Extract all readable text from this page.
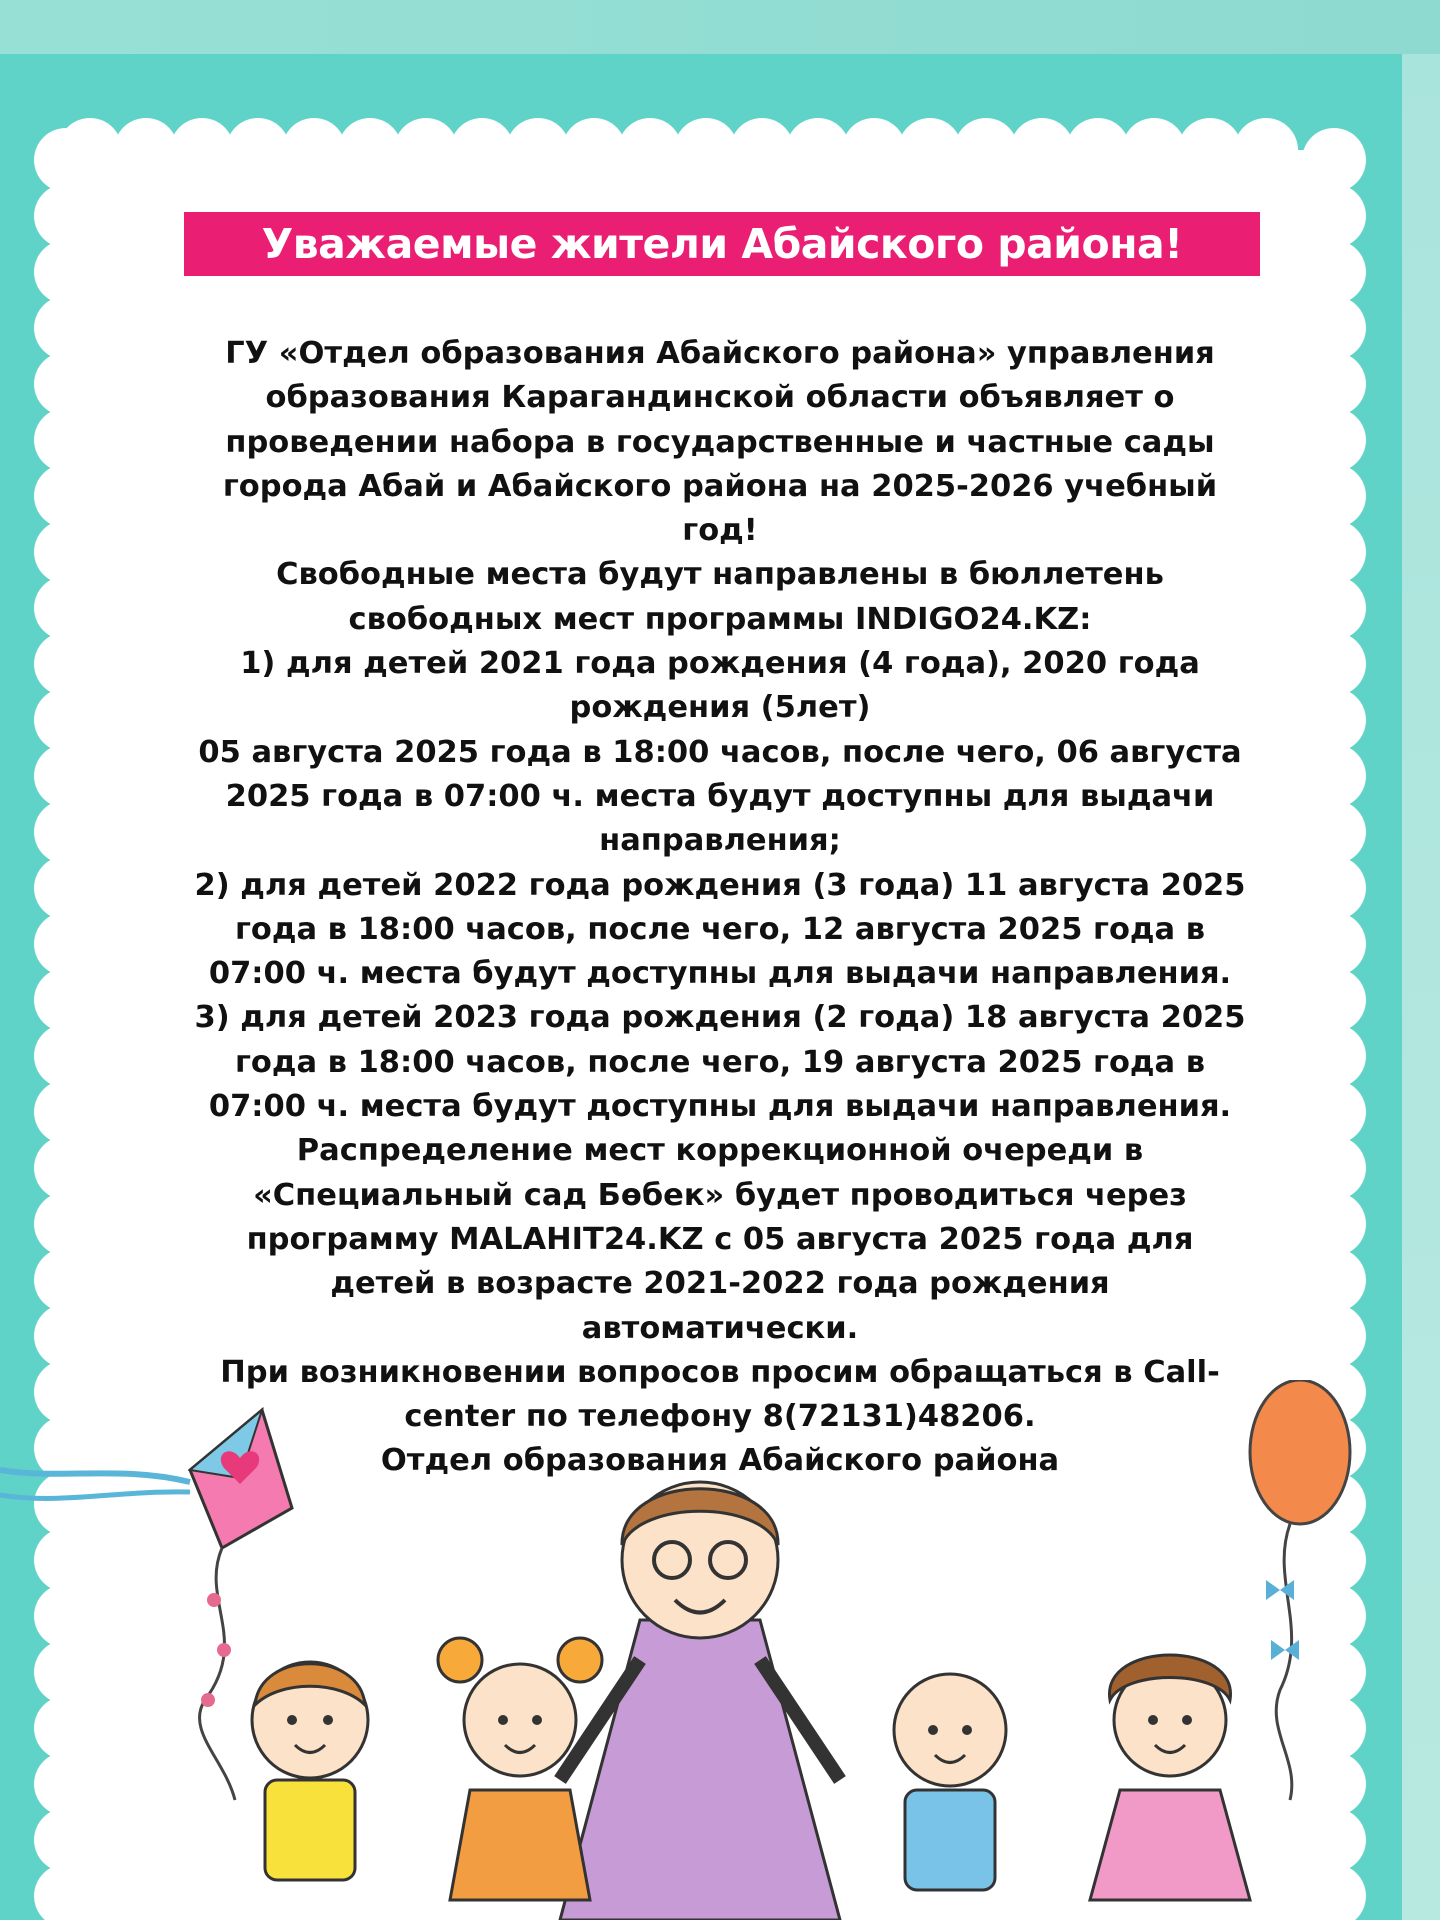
Уважаемые жители Абайского района!
ГУ «Отдел образования Абайского района» управления
образования Карагандинской области объявляет о
проведении набора в государственные и частные сады
города Абай и Абайского района на 2025-2026 учебный
год!
Свободные места будут направлены в бюллетень
свободных мест программы INDIGO24.KZ:
1) для детей 2021 года рождения (4 года), 2020 года
рождения (5лет)
05 августа 2025 года в 18:00 часов, после чего, 06 августа
2025 года в 07:00 ч. места будут доступны для выдачи
направления;
2) для детей 2022 года рождения (3 года) 11 августа 2025
года в 18:00 часов, после чего, 12 августа 2025 года в
07:00 ч. места будут доступны для выдачи направления.
3) для детей 2023 года рождения (2 года) 18 августа 2025
года в 18:00 часов, после чего, 19 августа 2025 года в
07:00 ч. места будут доступны для выдачи направления.
Распределение мест коррекционной очереди в
«Специальный сад Бөбек» будет проводиться через
программу MALAHIT24.KZ с 05 августа 2025 года для
детей в возрасте 2021-2022 года рождения
автоматически.
При возникновении вопросов просим обращаться в Call-
center по телефону 8(72131)48206.
Отдел образования Абайского района
